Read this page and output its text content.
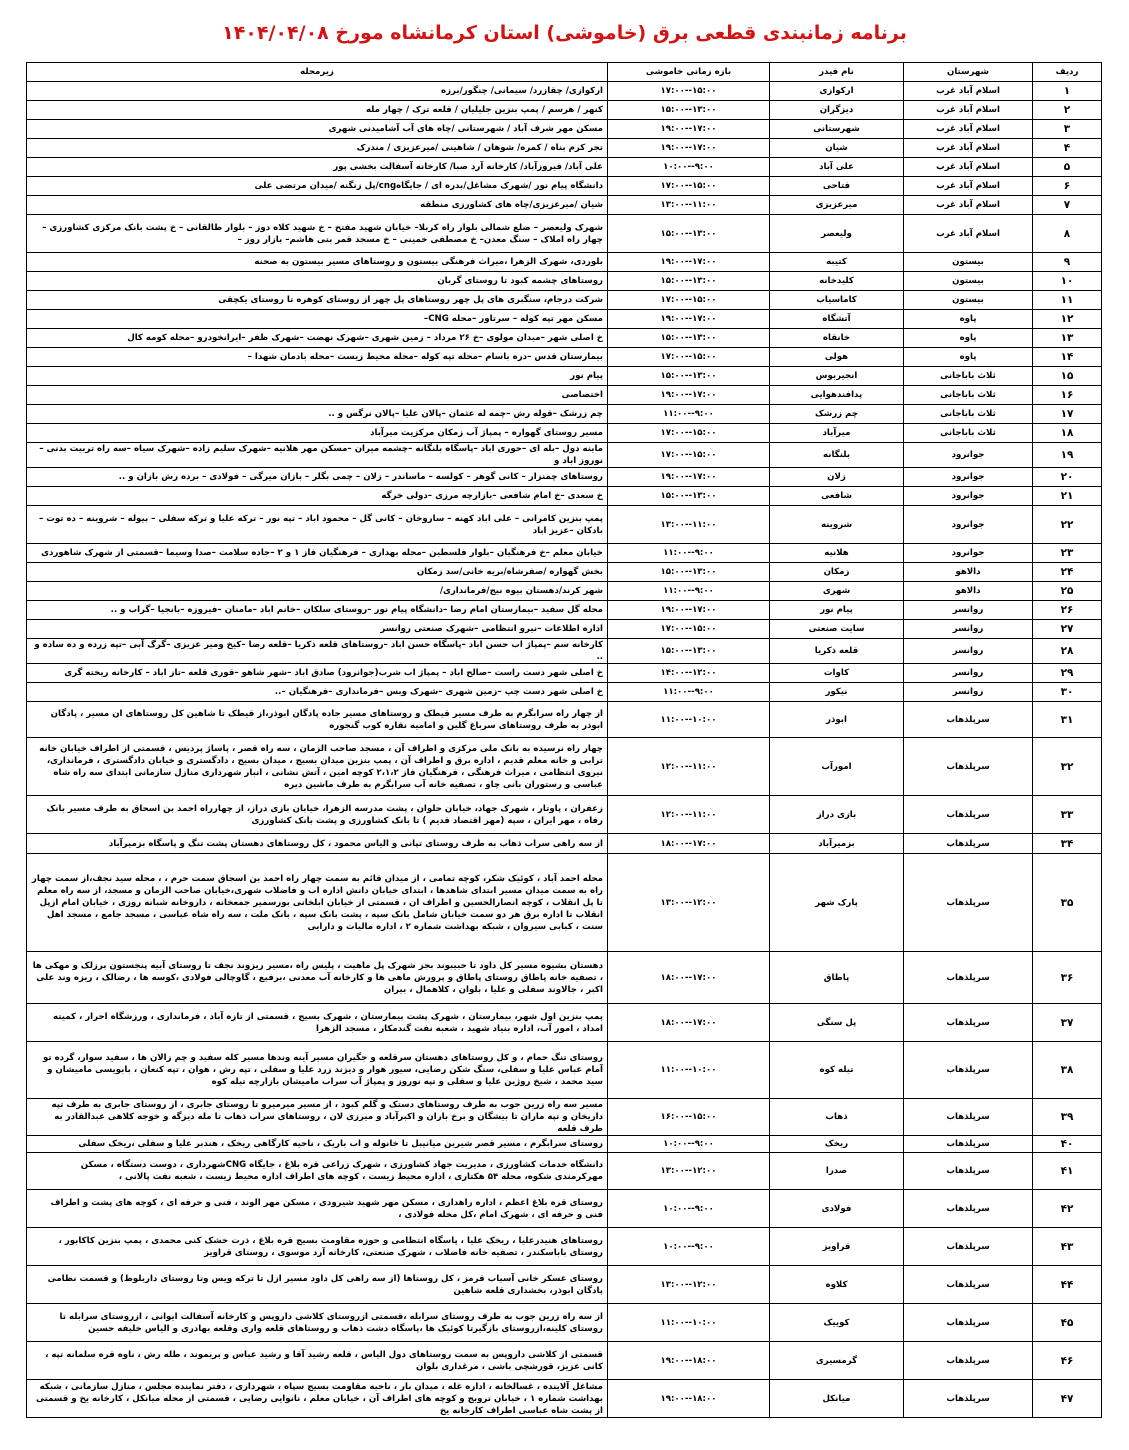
برنامه زمانبندی قطعی برق (خاموشی) استان کرمانشاه مورخ ۱۴۰۴/۰۴/۰۸
ردیف	شهرستان	نام فیدر	بازه زمانی خاموشی	زیرمحله
۱	اسلام آباد غرب	ارکوازی	۱۵:۰۰--۱۷:۰۰	ارکوازی/ چقازرد/ سیمانی/ چنگور/برزه
۲	اسلام آباد غرب	دیزگران	۱۳:۰۰--۱۵:۰۰	کنهر / هرسم / پمپ بنزین جلیلیان / قلعه ترک / چهار مله
۳	اسلام آباد غرب	شهرستانی	۱۷:۰۰--۱۹:۰۰	مسکن مهر شرف آباد / شهرستانی /چاه های آب آشامیدنی شهری
۴	اسلام آباد غرب	شیان	۱۷:۰۰--۱۹:۰۰	تجر کرم بناه / کمره/ شوهان / شاهینی /میرعزیزی / مندرک
۵	اسلام آباد غرب	علی آباد	۹:۰۰--۱۰:۰۰	علی آباد/ فیروزآباد/ کارخانه آرد صبا/ کارخانه آسفالت بخشی پور
۶	اسلام آباد غرب	فتاحی	۱۵:۰۰--۱۷:۰۰	دانشگاه پیام نور /شهرک مشاغل/بدره ای / جایگاهcng/پل زنگنه /میدان مرتضی علی
۷	اسلام آباد غرب	میرعزیزی	۱۱:۰۰--۱۳:۰۰	شیان /میرعزیزی/چاه های کشاورزی منطقه
۸	اسلام آباد غرب	ولیعصر	۱۳:۰۰--۱۵:۰۰	شهرک ولیعصر – ضلع شمالی بلوار راه کربلا– خیابان شهید مفتح – خ شهید کلاه دوز – بلوار طالقانی – خ پشت بانک مرکزی کشاورزی – چهار راه املاک – سنگ معدن– خ مصطفی خمینی – خ مسجد قمر بنی هاشم– بازار روز –
۹	بیستون	کتیبه	۱۷:۰۰--۱۹:۰۰	بلوردی، شهرک الزهرا ،میراث فرهنگی بیستون و روستاهای مسیر بیستون به صحنه
۱۰	بیستون	کلیدخانه	۱۳:۰۰--۱۵:۰۰	روستاهای چشمه کبود تا روستای گربان
۱۱	بیستون	کاماسیاب	۱۵:۰۰--۱۷:۰۰	شرکت درجام، سنگبری های پل چهر روستاهای پل چهر از روستای کوهره تا روستای یکچقی
۱۲	پاوه	آتشگاه	۱۷:۰۰--۱۹:۰۰	مسکن مهر تپه کوله – سرتاور –محله CNG–
۱۳	پاوه	خانقاه	۱۳:۰۰--۱۵:۰۰	خ اصلی شهر –میدان مولوی –خ ۲۶ مرداد – زمین شهری –شهرک نهضت –شهرک ظفر –ایرانخودرو –محله کومه کال
۱۴	پاوه	هولی	۱۵:۰۰--۱۷:۰۰	بیمارستان قدس –دره باسام –محله تپه کوله –محله محیط زیست –محله بادمان شهدا –
۱۵	ثلاث باباجانی	انجیربوس	۱۳:۰۰--۱۵:۰۰	پیام نور
۱۶	ثلاث باباجانی	پدافندهوایی	۱۷:۰۰--۱۹:۰۰	اختصاصی
۱۷	ثلاث باباجانی	چم زرشک	۹:۰۰--۱۱:۰۰	چم زرشک –قوله رش –چمه له عثمان –پالان علیا –پالان نرگس و ..
۱۸	ثلاث باباجانی	میرآباد	۱۵:۰۰--۱۷:۰۰	مسیر روستای گهواره – پمپاژ آب زمکان مرکزیت میرآباد
۱۹	جوانرود	بلنگانه	۱۵:۰۰--۱۷:۰۰	ماینه دول –بله ای –حوری اباد –پاسگاه بلنگانه –چشمه میران –مسکن مهر هلانیه –شهرک سلیم زاده –شهرک سیاه –سه راه تربیت بدنی –نوروز اباد و
۲۰	جوانرود	زلان	۱۷:۰۰--۱۹:۰۰	روستاهای چمنزار – کانی گوهر – کولسه – ماساندر – زلان – چمی بگلر – بازان میرگی – فولادی – برده رش بازان و ..
۲۱	جوانرود	شافعی	۱۳:۰۰--۱۵:۰۰	خ سعدی –خ امام شافعی –بازارچه مرزی –دولی خرگه
۲۲	جوانرود	شروینه	۱۱:۰۰--۱۳:۰۰	پمپ بنزین کامرانی – علی اباد کهنه – ساروخان – کانی گل – محمود اباد – تپه نور – ترکه علیا و ترکه سفلی – بیوله – شروینه – ده توت – بادکان –عزیز اباد
۲۳	جوانرود	هلانیه	۹:۰۰--۱۱:۰۰	خیابان معلم –خ فرهنگیان –بلوار فلسطین –محله بهداری – فرهنگیان فاز ۱ و ۲ –جاده سلامت –صدا وسیما –قسمتی از شهرک شاهوردی
۲۴	دالاهو	زمکان	۱۳:۰۰--۱۵:۰۰	بخش گهواره /صفرشاه/بریه خانی/سد زمکان
۲۵	دالاهو	شهری	۹:۰۰--۱۱:۰۰	شهر کرند/دهستان بیوه نیج/فرمانداری/
۲۶	روانسر	پیام نور	۱۷:۰۰--۱۹:۰۰	محله گل سفید –بیمارستان امام رضا –دانشگاه پیام نور –روستای سلکان –خانم اباد –مامنان –فیروزه –بانجیا –گراب و ..
۲۷	روانسر	سایت صنعتی	۱۵:۰۰--۱۷:۰۰	اداره اطلاعات –نیرو انتظامی –شهرک صنعتی روانسر
۲۸	روانسر	قلعه ذکریا	۱۳:۰۰--۱۵:۰۰	کارخانه سم –پمپاژ اب حسن اباد –پاسگاه حسن اباد –روستاهای قلعه ذکریا –قلعه رضا –کیخ ومیر عزیزی –گرگ آبی –تپه زرده و ده ساده و ..
۲۹	روانسر	کاوات	۱۲:۰۰--۱۴:۰۰	خ اصلی شهر دست راست –صالح اباد – پمپاژ اب شرب(جوانرود) صادق اباد –شهر شاهو –قوری قلعه –تاز اباد – کارخانه ریخته گری
۳۰	روانسر	نیکور	۹:۰۰--۱۱:۰۰	خ اصلی شهر دست چپ –زمین شهری –شهرک وبس –فرمانداری –فرهنگیان –..
۳۱	سرپلذهاب	ابوذر	۱۰:۰۰--۱۱:۰۰	از چهار راه سرابگرم به طرف مسیر قیطک و روستاهای مسیر جاده پادگان ابوذر،از قیطک تا شاهین کل روستاهای ان مسیر ، پادگان ابوذر به طرف روستاهای سرباغ گلین و امامیه نقاره کوب گنجوره
۳۲	سرپلذهاب	امورآب	۱۱:۰۰--۱۲:۰۰	چهار راه نرسیده به بانک ملی مرکزی و اطراف آن ، مسجد صاحب الزمان ، سه راه قصر ، پاساژ پردیس ، قسمتی از اطراف خیابان خانه ترابی و خانه معلم قدیم ، اداره برق و اطراف آن ، پمپ بنزین میدان بسیج ، میدان بسیج ، دادگستری و خیابان دادگستری ، فرمانداری، نیروی انتظامی ، میراث فرهنگی ، فرهنگیان فاز ۲،۱،۲ کوچه امین ، آتش نشانی ، انبار شهرداری منازل سازمانی ابتدای سه راه شاه عباسی و رستوران بانی چاو ، تصفیه خانه آب سرابگرم به طرف ماشین دیره
۳۳	سرپلذهاب	بازی دراز	۱۱:۰۰--۱۲:۰۰	زعفران ، پاوتار ، شهرک جهاد، خیابان حلوان ، پشت مدرسه الزهرا، خیابان بازی دراز، از چهارراه احمد بن اسحاق به طرف مسیر بانک رفاه ، مهر ایران ، سپه (مهر اقتصاد قدیم ) تا بانک کشاورزی و پشت بانک کشاورزی
۳۴	سرپلذهاب	بزمیرآباد	۱۷:۰۰--۱۸:۰۰	از سه راهی سراب ذهاب به طرف روستای تپانی و الیاس محمود ، کل روستاهای دهستان پشت تنگ و پاسگاه بزمیرآباد
۳۵	سرپلذهاب	پارک شهر	۱۲:۰۰--۱۳:۰۰	محله احمد آباد ، کوئیک شکر، کوچه تمامی ، از میدان قائم به سمت چهار راه احمد بن اسحاق سمت حرم ، ، محله سید نجف،از سمت چهار راه به سمت میدان مسیر ابتدای شاهدها ، ابتدای خیابان دانش اداره اب و فاضلاب شهری،خیابان صاحب الزمان و مسجد، از سه راه معلم تا پل انقلاب ، کوچه انصارالحسین و اطراف ان ، قسمتی از خیابان ابلخانی بورسمیر جمعخانه ، داروخانه شبانه روزی ، خیابان امام ازپل انقلاب تا اداره برق هر دو سمت خیابان شامل بانک سپه ، پشت بانک سپه ، بانک ملت ، سه راه شاه عباسی ، مسجد جامع ، مسجد اهل سنت ، کبابی سیروان ، شبکه بهداشت شماره ۲ ، اداره مالیات و دارایی
۳۶	سرپلذهاب	پاطاق	۱۷:۰۰--۱۸:۰۰	دهستان بشیوه مسیر کل داود تا حبیبوند بجز شهرک پل ماهیت ، پلیس راه ،مسیر ریزوند نجف تا روستای آبیه پنجستون برزلک و مهکی ها ، تصفیه خانه پاطاق روستای پاطاق و پرورش ماهی ها و کارخانه آب معدنی ،برفیع ، گاوچالی فولادی ،کوسه ها ، رضالک ، ریزه وند علی اکبر ، جالاوند سفلی و علیا ، بلوان ، کلاهمال ، بیران
۳۷	سرپلذهاب	پل سنگی	۱۷:۰۰--۱۸:۰۰	پمپ بنزین اول شهر، بیمارستان ، شهرک پشت بیمارستان ، شهرک بسیج ، قسمتی از تازه آباد ، فرمانداری ، ورزشگاه احرار ، کمیته امداد ، امور آب، اداره بنیاد شهید ، شعبه نفت گندمکار ، مسجد الزهرا
۳۸	سرپلذهاب	تیله کوه	۱۰:۰۰--۱۱:۰۰	روستای تنگ حمام ، و کل روستاهای دهستان سرقلعه و جگیران مسیر آینه وندها مسیر کله سفید و چم زالان ها ، سفید سوار، گرده تو آمام عباس علیا و سفلی، سنگ شکن رضایی، سیور هوار و دیزند زرد علیا و سفلی ، تپه رش ، هوان ، تپه کنعان ، بابویسی مامیشان و سید محمد ، شیخ روژین علیا و سفلی و تپه نوروز و پمپاژ آب سراب مامیشان بازارچه تیله کوه
۳۹	سرپلذهاب	ذهاب	۱۵:۰۰--۱۶:۰۰	مسیر سه راه زرین جوب به طرف روستاهای دستک و گلم کبود ، از مسیر میرمیرو تا روستای جابری ، از روستای جابری به طرف تپه داریخان و تپه ماران تا بیشگان و برخ باران و اکبرآباد و میرزی لان ، روستاهای سراب ذهاب تا مله دیزگه و خوجه کلاهی عبدالقادر به طرف قلعه
۴۰	سرپلذهاب	ریخک	۹:۰۰--۱۰:۰۰	روستای سرابگرم ، مسیر قصر شیرین میانیبل تا خانوله و اب باریک ، ناحیه کارگاهی ریخک ، هندبر علیا و سفلی ،ریخک سفلی
۴۱	سرپلذهاب	صدرا	۱۲:۰۰--۱۳:۰۰	دانشگاه خدمات کشاورزی ، مدیریت جهاد کشاورزی ، شهرک زراعی قره بلاغ ، جایگاه CNGشهرداری ، دوست دستگاه ، مسکن مهرکرمندی شکوه، محله ۵۴ هکتاری ، اداره محیط زیست ، کوچه های اطراف اداره محیط زیست ، شعبه نفت پالانی ،
۴۲	سرپلذهاب	فولادی	۹:۰۰--۱۰:۰۰	روستای قره بلاغ اعظم ، اداره راهداری ، مسکن مهر شهید شیرودی ، مسکن مهر الوند ، فنی و حرفه ای ، کوچه های پشت و اطراف فنی و حرفه ای ، شهرک امام ،کل محله فولادی ،
۴۳	سرپلذهاب	قراویز	۹:۰۰--۱۰:۰۰	روستاهای هنیدرعلیا ، ریخک علیا ، پاسگاه انتظامی و حوزه مقاومت بسیج قره بلاغ ، ذرت خشک کنی محمدی ، پمپ بنزین کاکابور ، روستای باباسکندر ، تصفیه خانه فاضلاب ، شهرک صنعتی، کارخانه آرد موسوی ، روستای قراویز
۴۴	سرپلذهاب	کلاوه	۱۲:۰۰--۱۳:۰۰	روستای عسکر خانی آسیاب قرمز ، کل روستاها (از سه راهی کل داود مسیر ازل تا ترکه ویس وتا روستای داربلوط) و قسمت نظامی پادگان ابوذر، بخشداری قلعه شاهین
۴۵	سرپلذهاب	کوییک	۱۰:۰۰--۱۱:۰۰	از سه راه زرین جوب به طرف روستای سرابله ،قسمتی ازروستای کلاشی داروپس و کارخانه آسفالت ایوانی ، ازروستای سرابله تا روستای کلینه،ازروستای بازگیرتا کوئیک ها ،پاسگاه دشت ذهاب و روستاهای قلعه واری وقلعه بهادری و الیاس خلیفه حسین
۴۶	سرپلذهاب	گرمسیری	۱۸:۰۰--۱۹:۰۰	قسمتی از کلاشی داروپس به سمت روستاهای دول الیاس ، قلعه رشید آقا و رشید عباس و بریموند ، طله رش ، ناوه قره سلمانه تپه ، کانی عزیز، قورشچی باشی ، مرغداری بلوان
۴۷	سرپلذهاب	میانکل	۱۸:۰۰--۱۹:۰۰	مشاغل آلاینده ، غسالخانه ، اداره غله ، میدان بار ، ناحیه مقاومت بسیج سپاه ، شهرداری ، دفتر نماینده مجلس ، منازل سازمانی ، شبکه بهداشت شماره ۱ ، خیابان تروبج و کوچه های اطراف آن ، خیابان معلم ، نانوایی رضایی ، قسمتی از محله میانکل ، کارخانه یخ و قسمتی از پشت شاه عباسی اطراف کارخانه یخ
